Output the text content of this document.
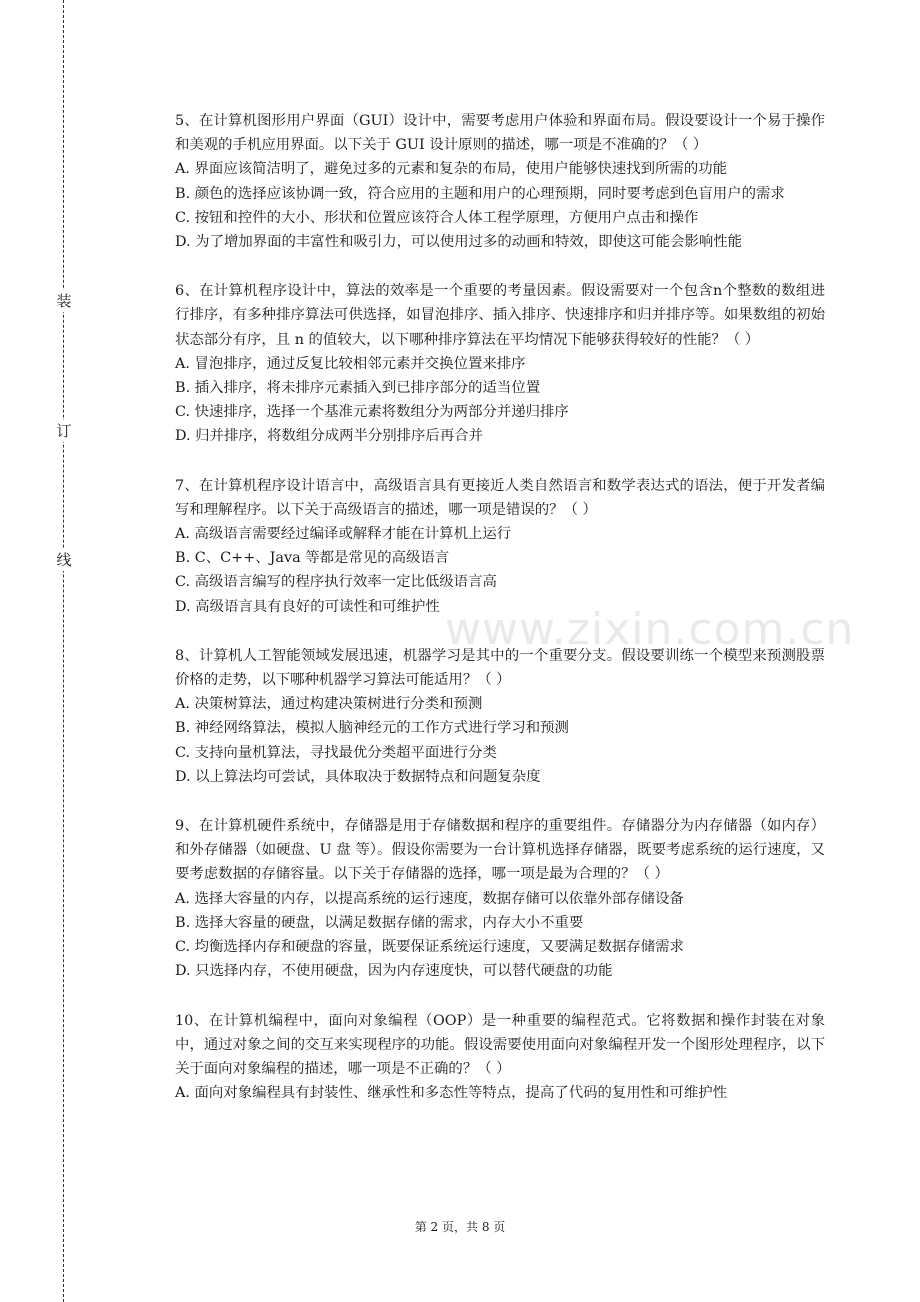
装
订
线
www.zixin.com.cn

5、在计算机图形用户界面（GUI）设计中，需要考虑用户体验和界面布局。假设要设计一个易于操作和美观的手机应用界面。以下关于 GUI 设计原则的描述，哪一项是不准确的？（ ）

A. 界面应该简洁明了，避免过多的元素和复杂的布局，使用户能够快速找到所需的功能

B. 颜色的选择应该协调一致，符合应用的主题和用户的心理预期，同时要考虑到色盲用户的需求

C. 按钮和控件的大小、形状和位置应该符合人体工程学原理，方便用户点击和操作

D. 为了增加界面的丰富性和吸引力，可以使用过多的动画和特效，即使这可能会影响性能

6、在计算机程序设计中，算法的效率是一个重要的考量因素。假设需要对一个包含n个整数的数组进行排序，有多种排序算法可供选择，如冒泡排序、插入排序、快速排序和归并排序等。如果数组的初始状态部分有序，且 n 的值较大，以下哪种排序算法在平均情况下能够获得较好的性能？（ ）

A. 冒泡排序，通过反复比较相邻元素并交换位置来排序

B. 插入排序，将未排序元素插入到已排序部分的适当位置

C. 快速排序，选择一个基准元素将数组分为两部分并递归排序

D. 归并排序，将数组分成两半分别排序后再合并

7、在计算机程序设计语言中，高级语言具有更接近人类自然语言和数学表达式的语法，便于开发者编写和理解程序。以下关于高级语言的描述，哪一项是错误的？（ ）

A. 高级语言需要经过编译或解释才能在计算机上运行

B. C、C++、Java 等都是常见的高级语言

C. 高级语言编写的程序执行效率一定比低级语言高

D. 高级语言具有良好的可读性和可维护性

8、计算机人工智能领域发展迅速，机器学习是其中的一个重要分支。假设要训练一个模型来预测股票价格的走势，以下哪种机器学习算法可能适用？（ ）

A. 决策树算法，通过构建决策树进行分类和预测

B. 神经网络算法，模拟人脑神经元的工作方式进行学习和预测

C. 支持向量机算法，寻找最优分类超平面进行分类

D. 以上算法均可尝试，具体取决于数据特点和问题复杂度

9、在计算机硬件系统中，存储器是用于存储数据和程序的重要组件。存储器分为内存储器（如内存）和外存储器（如硬盘、U 盘 等）。假设你需要为一台计算机选择存储器，既要考虑系统的运行速度，又要考虑数据的存储容量。以下关于存储器的选择，哪一项是最为合理的？（ ）

A. 选择大容量的内存，以提高系统的运行速度，数据存储可以依靠外部存储设备

B. 选择大容量的硬盘，以满足数据存储的需求，内存大小不重要

C. 均衡选择内存和硬盘的容量，既要保证系统运行速度，又要满足数据存储需求

D. 只选择内存，不使用硬盘，因为内存速度快，可以替代硬盘的功能

10、在计算机编程中，面向对象编程（OOP）是一种重要的编程范式。它将数据和操作封装在对象中，通过对象之间的交互来实现程序的功能。假设需要使用面向对象编程开发一个图形处理程序，以下关于面向对象编程的描述，哪一项是不正确的？（ ）

A. 面向对象编程具有封装性、继承性和多态性等特点，提高了代码的复用性和可维护性

第 2 页，共 8 页
